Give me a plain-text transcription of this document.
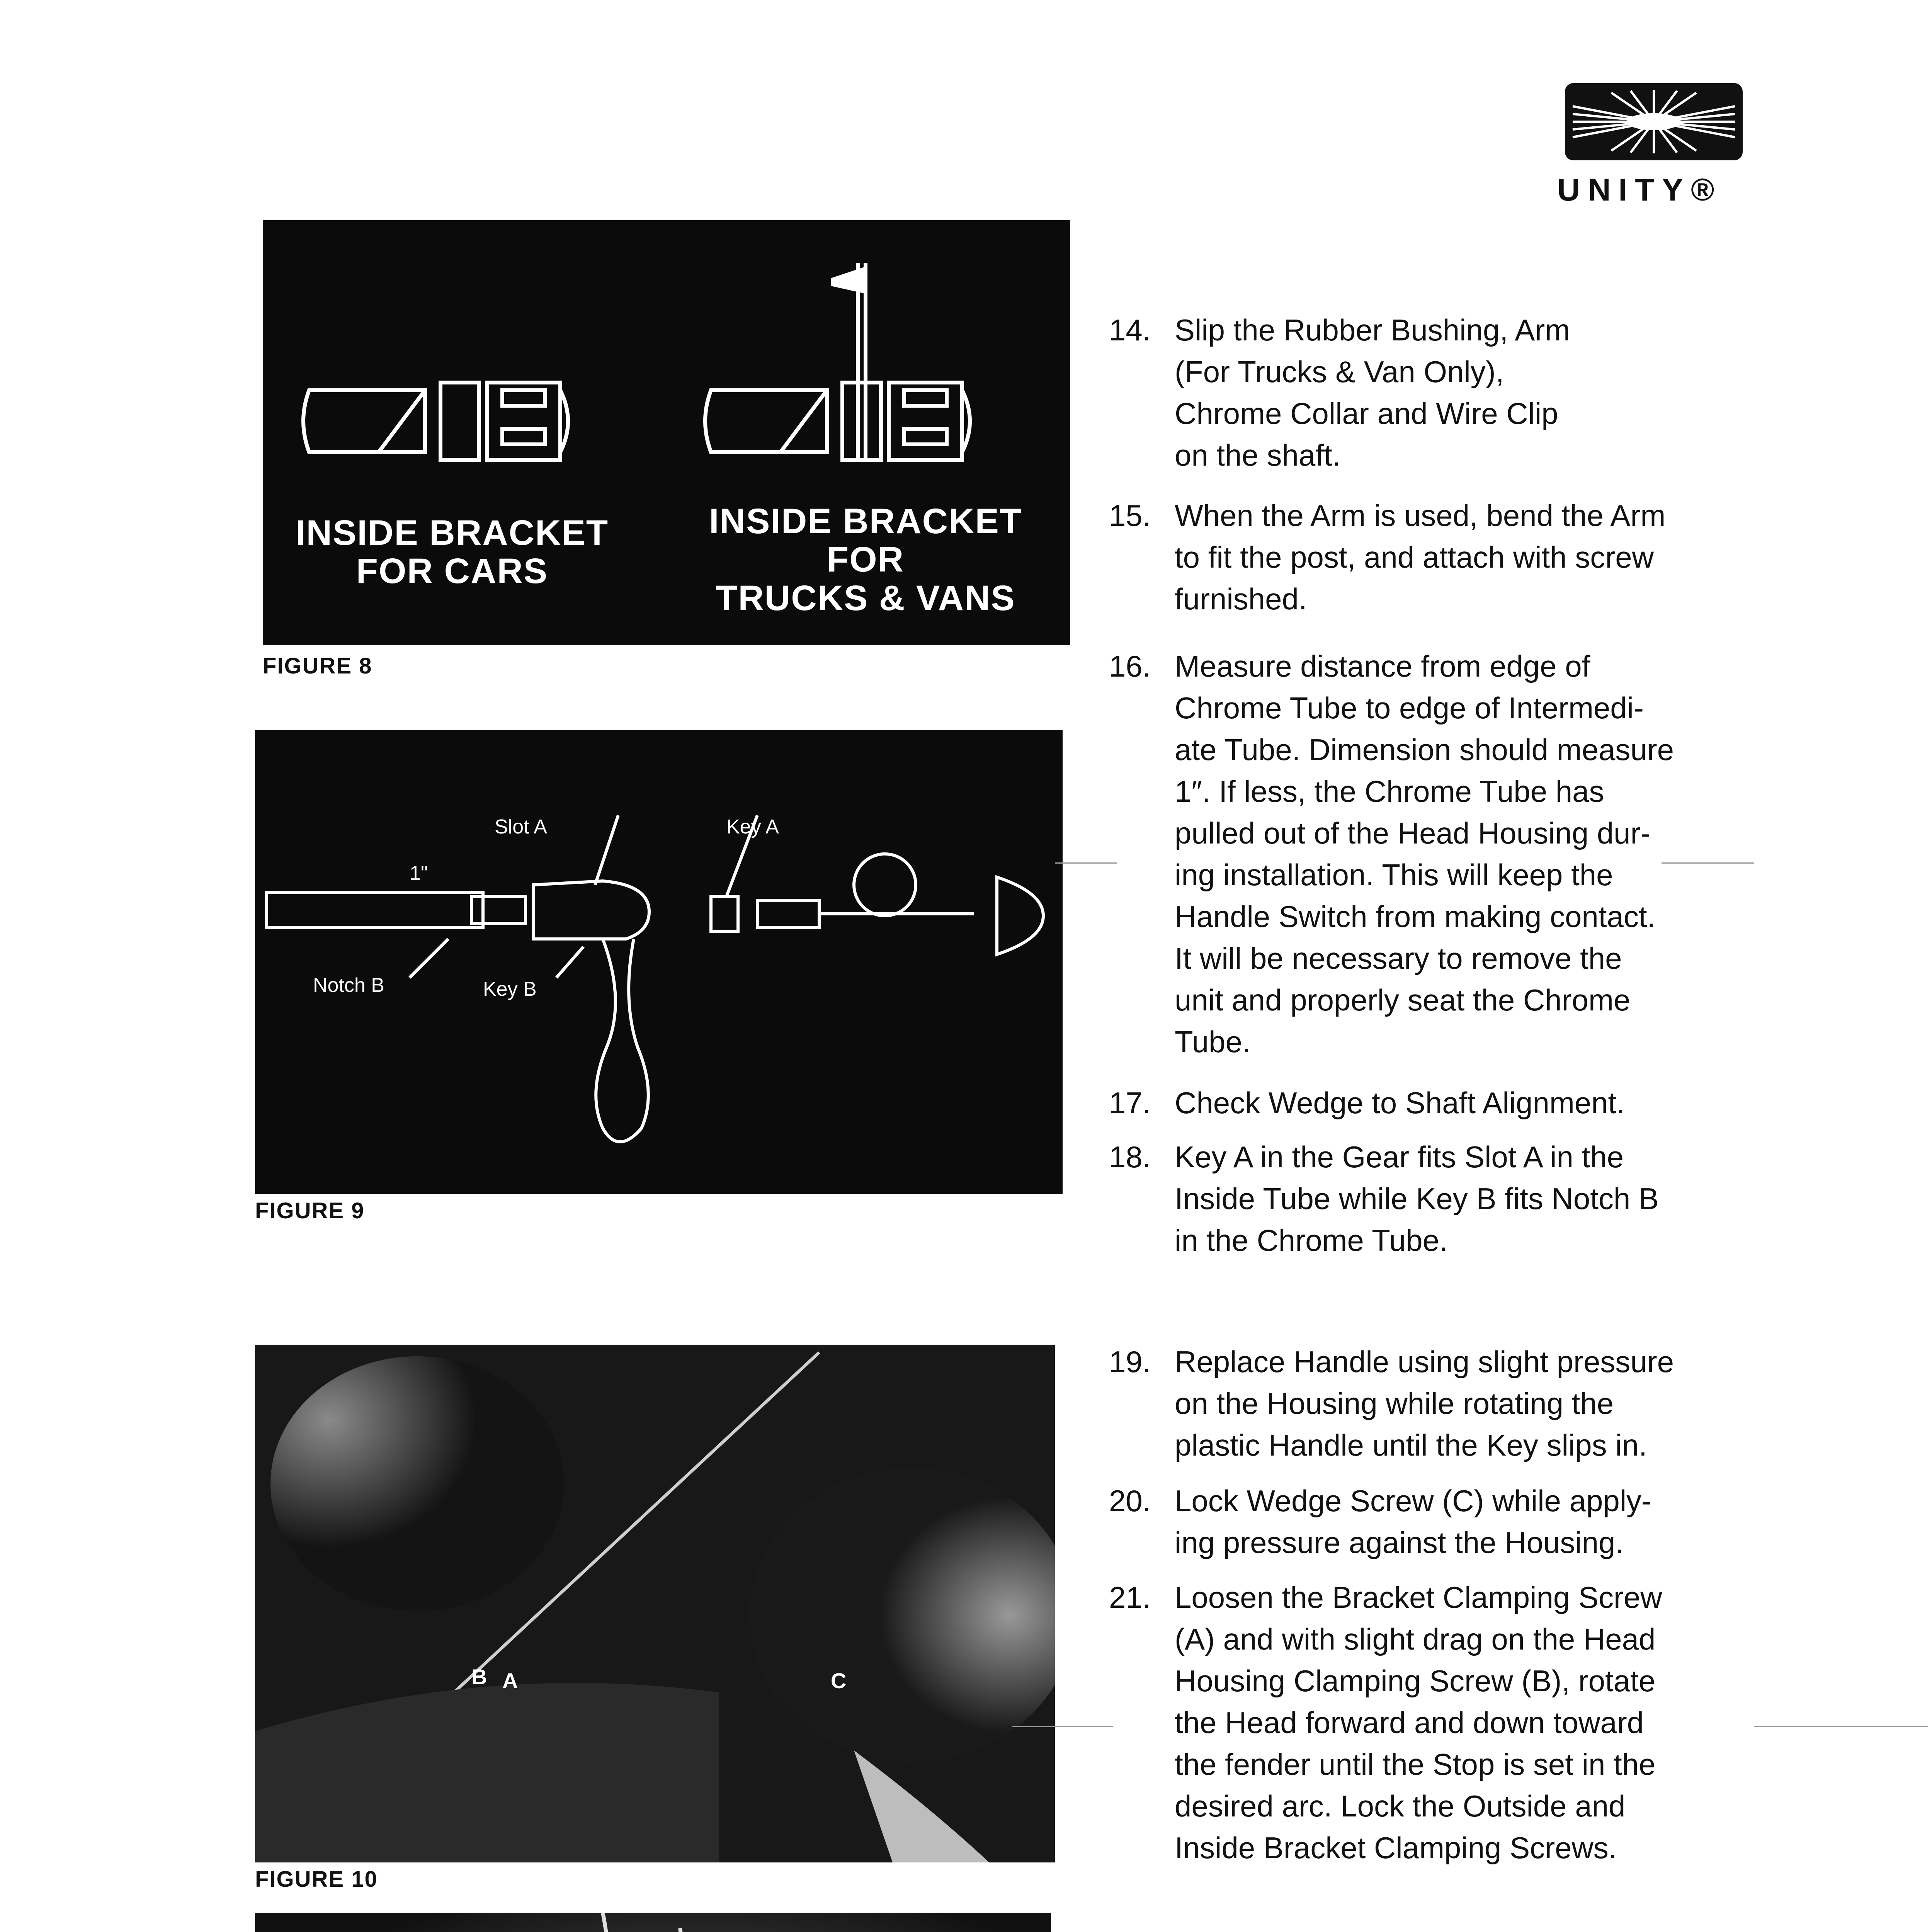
UNITY®
INSIDE BRACKET
FOR CARS
INSIDE BRACKET
FOR
TRUCKS & VANS
FIGURE 8
Slot A	Key A
1"
Notch B	Key B
FIGURE 9
B A	C
FIGURE 10
14. Slip the Rubber Bushing, Arm
(For Trucks & Van Only),
Chrome Collar and Wire Clip
on the shaft.
15. When the Arm is used, bend the Arm
to fit the post, and attach with screw
furnished.
16. Measure distance from edge of
Chrome Tube to edge of Intermedi-
ate Tube. Dimension should measure
1″. If less, the Chrome Tube has
pulled out of the Head Housing dur-
ing installation. This will keep the
Handle Switch from making contact.
It will be necessary to remove the
unit and properly seat the Chrome
Tube.
17. Check Wedge to Shaft Alignment.
18. Key A in the Gear fits Slot A in the
Inside Tube while Key B fits Notch B
in the Chrome Tube.
19. Replace Handle using slight pressure
on the Housing while rotating the
plastic Handle until the Key slips in.
20. Lock Wedge Screw (C) while apply-
ing pressure against the Housing.
21. Loosen the Bracket Clamping Screw
(A) and with slight drag on the Head
Housing Clamping Screw (B), rotate
the Head forward and down toward
the fender until the Stop is set in the
desired arc. Lock the Outside and
Inside Bracket Clamping Screws.
